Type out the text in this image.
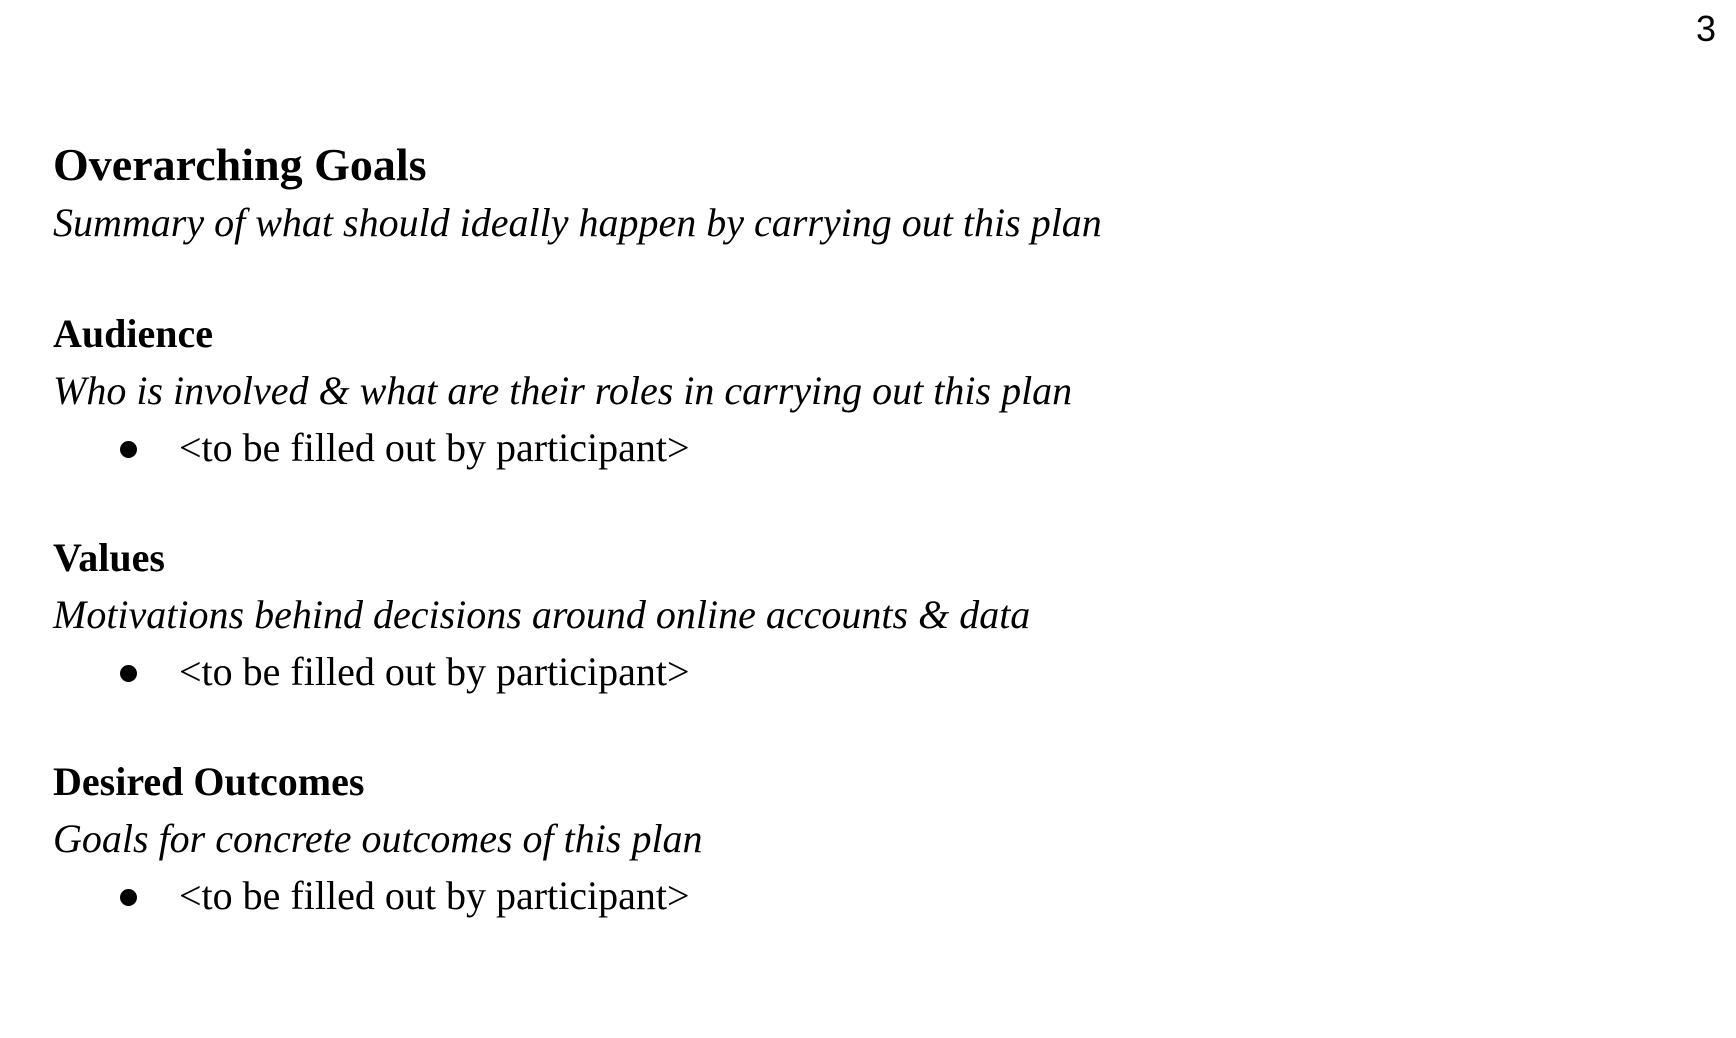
3
Overarching Goals
Summary of what should ideally happen by carrying out this plan
Audience
Who is involved & what are their roles in carrying out this plan
<to be filled out by participant>
Values
Motivations behind decisions around online accounts & data
<to be filled out by participant>
Desired Outcomes
Goals for concrete outcomes of this plan
<to be filled out by participant>
